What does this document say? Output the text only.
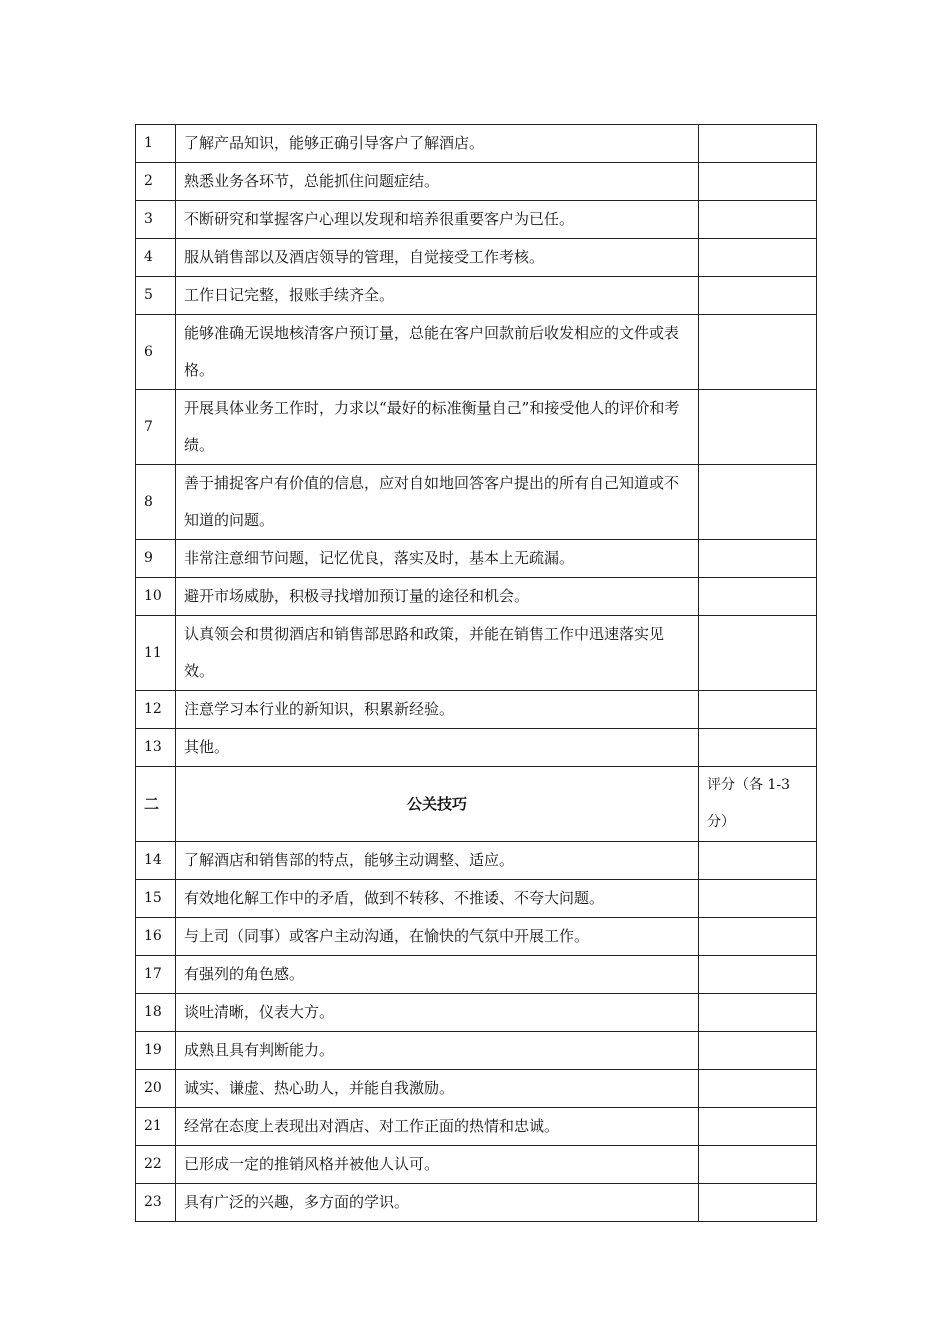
1	了解产品知识，能够正确引导客户了解酒店。	
2	熟悉业务各环节，总能抓住问题症结。	
3	不断研究和掌握客户心理以发现和培养很重要客户为已任。	
4	服从销售部以及酒店领导的管理，自觉接受工作考核。	
5	工作日记完整，报账手续齐全。	
6	能够准确无误地核清客户预订量，总能在客户回款前后收发相应的文件或表格。	
7	开展具体业务工作时，力求以“最好的标准衡量自己”和接受他人的评价和考绩。	
8	善于捕捉客户有价值的信息，应对自如地回答客户提出的所有自己知道或不知道的问题。	
9	非常注意细节问题，记忆优良，落实及时，基本上无疏漏。	
10	避开市场威胁，积极寻找增加预订量的途径和机会。	
11	认真领会和贯彻酒店和销售部思路和政策，并能在销售工作中迅速落实见效。	
12	注意学习本行业的新知识，积累新经验。	
13	其他。	
二	公关技巧	评分（各 1-3 分）
14	了解酒店和销售部的特点，能够主动调整、适应。	
15	有效地化解工作中的矛盾，做到不转移、不推诿、不夸大问题。	
16	与上司（同事）或客户主动沟通，在愉快的气氛中开展工作。	
17	有强列的角色感。	
18	谈吐清晰，仪表大方。	
19	成熟且具有判断能力。	
20	诚实、谦虚、热心助人，并能自我激励。	
21	经常在态度上表现出对酒店、对工作正面的热情和忠诚。	
22	已形成一定的推销风格并被他人认可。	
23	具有广泛的兴趣，多方面的学识。	
